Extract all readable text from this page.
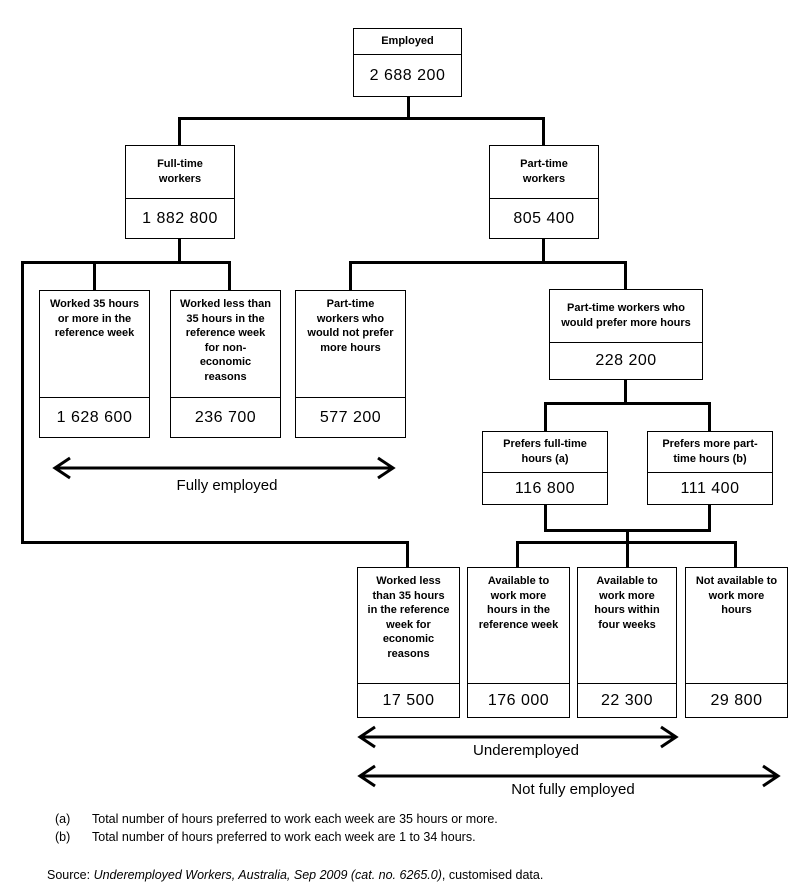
Employed
2 688 200
Full-time workers
1 882 800
Part-time workers
805 400
Worked 35 hours or more in the reference week
1 628 600
Worked less than 35 hours in the reference week for non-economic reasons
236 700
Part-time workers who would not prefer more hours
577 200
Part-time workers who would prefer more hours
228 200
Prefers full-time hours (a)
116 800
Prefers more part-time hours (b)
111 400
Worked less than 35 hours in the reference week for economic reasons
17 500
Available to work more hours in the reference week
176 000
Available to work more hours within four weeks
22 300
Not available to work more hours
29 800
Fully employed
Underemployed
Not fully employed
(a) Total number of hours preferred to work each week are 35 hours or more.
(b) Total number of hours preferred to work each week are 1 to 34 hours.
Source: Underemployed Workers, Australia, Sep 2009 (cat. no. 6265.0), customised data.
